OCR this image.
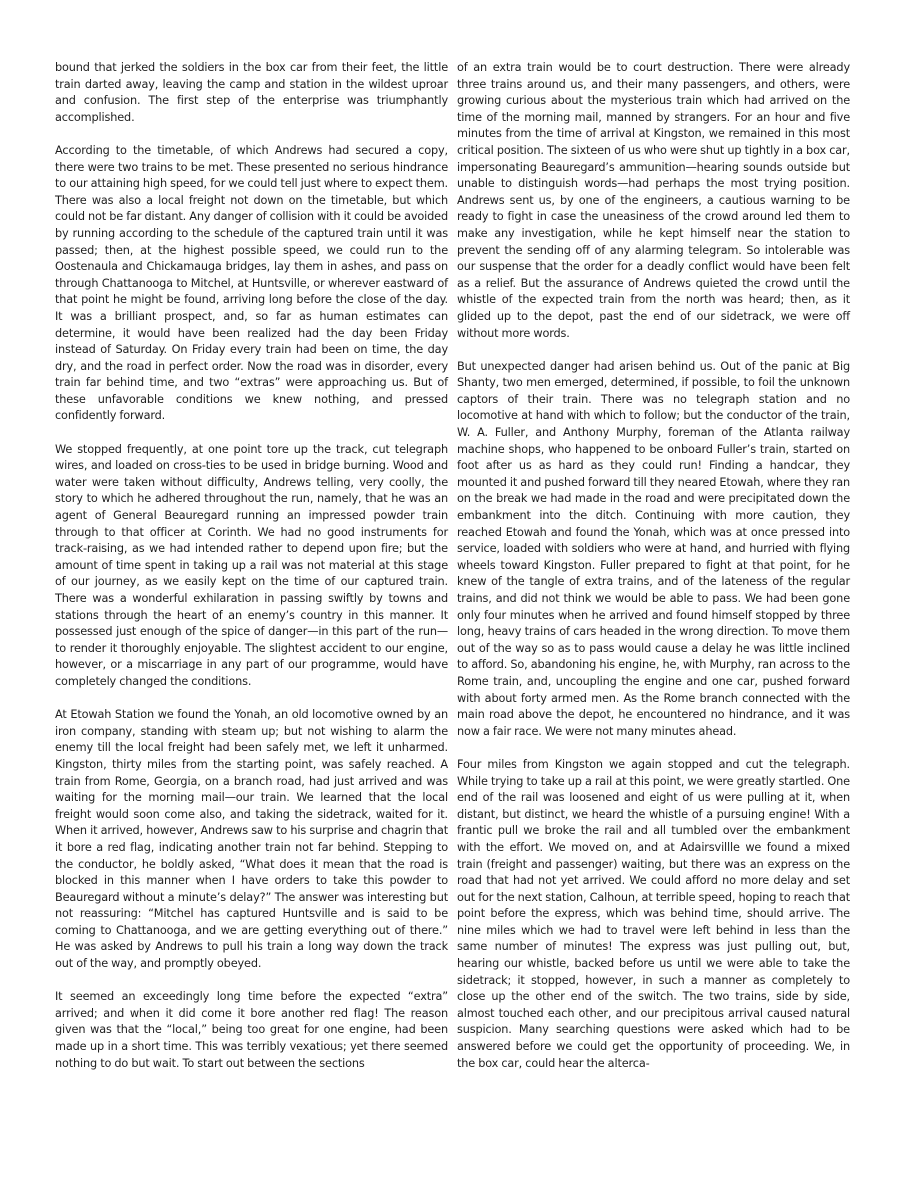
bound that jerked the soldiers in the box car from their feet, the little train darted away, leaving the camp and station in the wildest uproar and confusion. The first step of the enterprise was triumphantly accomplished.

According to the timetable, of which Andrews had secured a copy, there were two trains to be met. These presented no serious hindrance to our attaining high speed, for we could tell just where to expect them. There was also a local freight not down on the timetable, but which could not be far distant. Any danger of collision with it could be avoided by running according to the schedule of the captured train until it was passed; then, at the highest possible speed, we could run to the Oostenaula and Chickamauga bridges, lay them in ashes, and pass on through Chattanooga to Mitchel, at Huntsville, or wherever eastward of that point he might be found, arriving long before the close of the day. It was a brilliant prospect, and, so far as human estimates can determine, it would have been realized had the day been Friday instead of Saturday. On Friday every train had been on time, the day dry, and the road in perfect order. Now the road was in disorder, every train far behind time, and two “extras” were approaching us. But of these unfavorable conditions we knew nothing, and pressed confidently forward.

We stopped frequently, at one point tore up the track, cut telegraph wires, and loaded on cross-ties to be used in bridge burning. Wood and water were taken without difficulty, Andrews telling, very coolly, the story to which he adhered throughout the run, namely, that he was an agent of General Beauregard running an impressed powder train through to that officer at Corinth. We had no good instruments for track-raising, as we had intended rather to depend upon fire; but the amount of time spent in taking up a rail was not material at this stage of our journey, as we easily kept on the time of our captured train. There was a wonderful exhilaration in passing swiftly by towns and stations through the heart of an enemy’s country in this manner. It possessed just enough of the spice of danger—in this part of the run—to render it thoroughly enjoyable. The slightest accident to our engine, however, or a miscarriage in any part of our programme, would have completely changed the conditions.

At Etowah Station we found the Yonah, an old locomotive owned by an iron company, standing with steam up; but not wishing to alarm the enemy till the local freight had been safely met, we left it unharmed. Kingston, thirty miles from the starting point, was safely reached. A train from Rome, Georgia, on a branch road, had just arrived and was waiting for the morning mail—our train. We learned that the local freight would soon come also, and taking the sidetrack, waited for it. When it arrived, however, Andrews saw to his surprise and chagrin that it bore a red flag, indicating another train not far behind. Stepping to the conductor, he boldly asked, “What does it mean that the road is blocked in this manner when I have orders to take this powder to Beauregard without a minute’s delay?” The answer was interesting but not reassuring: “Mitchel has captured Huntsville and is said to be coming to Chattanooga, and we are getting everything out of there.” He was asked by Andrews to pull his train a long way down the track out of the way, and promptly obeyed.

It seemed an exceedingly long time before the expected “extra” arrived; and when it did come it bore another red flag! The reason given was that the “local,” being too great for one engine, had been made up in a short time. This was terribly vexatious; yet there seemed nothing to do but wait. To start out between the sections

of an extra train would be to court destruction. There were already three trains around us, and their many passengers, and others, were growing curious about the mysterious train which had arrived on the time of the morning mail, manned by strangers. For an hour and five minutes from the time of arrival at Kingston, we remained in this most critical position. The sixteen of us who were shut up tightly in a box car, impersonating Beauregard’s ammunition—hearing sounds outside but unable to distinguish words—had perhaps the most trying position. Andrews sent us, by one of the engineers, a cautious warning to be ready to fight in case the uneasiness of the crowd around led them to make any investigation, while he kept himself near the station to prevent the sending off of any alarming telegram. So intolerable was our suspense that the order for a deadly conflict would have been felt as a relief. But the assurance of Andrews quieted the crowd until the whistle of the expected train from the north was heard; then, as it glided up to the depot, past the end of our sidetrack, we were off without more words.

But unexpected danger had arisen behind us. Out of the panic at Big Shanty, two men emerged, determined, if possible, to foil the unknown captors of their train. There was no telegraph station and no locomotive at hand with which to follow; but the conductor of the train, W. A. Fuller, and Anthony Murphy, foreman of the Atlanta railway machine shops, who happened to be onboard Fuller’s train, started on foot after us as hard as they could run! Finding a handcar, they mounted it and pushed forward till they neared Etowah, where they ran on the break we had made in the road and were precipitated down the embankment into the ditch. Continuing with more caution, they reached Etowah and found the Yonah, which was at once pressed into service, loaded with soldiers who were at hand, and hurried with flying wheels toward Kingston. Fuller prepared to fight at that point, for he knew of the tangle of extra trains, and of the lateness of the regular trains, and did not think we would be able to pass. We had been gone only four minutes when he arrived and found himself stopped by three long, heavy trains of cars headed in the wrong direction. To move them out of the way so as to pass would cause a delay he was little inclined to afford. So, abandoning his engine, he, with Murphy, ran across to the Rome train, and, uncoupling the engine and one car, pushed forward with about forty armed men. As the Rome branch connected with the main road above the depot, he encountered no hindrance, and it was now a fair race. We were not many minutes ahead.

Four miles from Kingston we again stopped and cut the telegraph. While trying to take up a rail at this point, we were greatly startled. One end of the rail was loosened and eight of us were pulling at it, when distant, but distinct, we heard the whistle of a pursuing engine! With a frantic pull we broke the rail and all tumbled over the embankment with the effort. We moved on, and at Adairsvillle we found a mixed train (freight and passenger) waiting, but there was an express on the road that had not yet arrived. We could afford no more delay and set out for the next station, Calhoun, at terrible speed, hoping to reach that point before the express, which was behind time, should arrive. The nine miles which we had to travel were left behind in less than the same number of minutes! The express was just pulling out, but, hearing our whistle, backed before us until we were able to take the sidetrack; it stopped, however, in such a manner as completely to close up the other end of the switch. The two trains, side by side, almost touched each other, and our precipitous arrival caused natural suspicion. Many searching questions were asked which had to be answered before we could get the opportunity of proceeding. We, in the box car, could hear the alterca-
